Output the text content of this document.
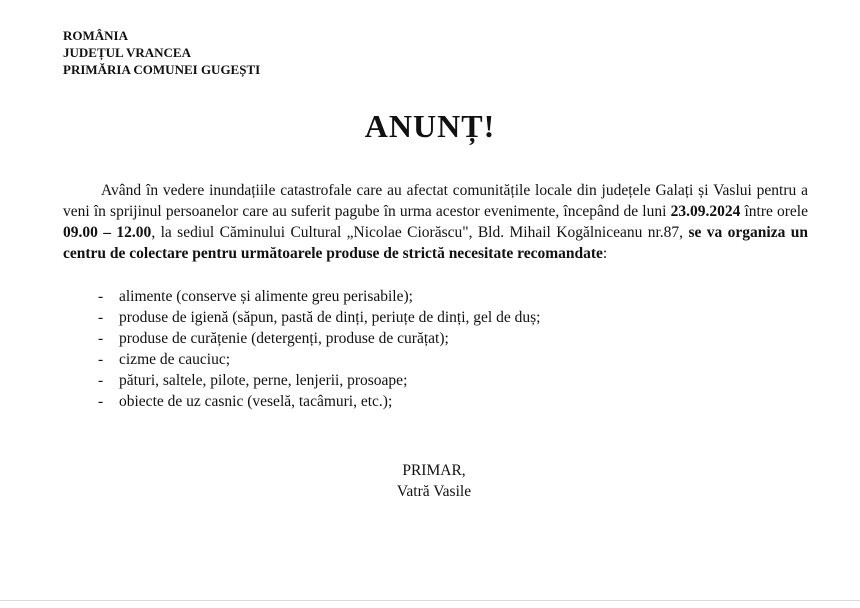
ROMÂNIA
JUDEȚUL VRANCEA
PRIMĂRIA COMUNEI GUGEȘTI
ANUNȚ!
Având în vedere inundațiile catastrofale care au afectat comunitățile locale din județele Galați și Vaslui pentru a veni în sprijinul persoanelor care au suferit pagube în urma acestor evenimente, începând de luni 23.09.2024 între orele 09.00 – 12.00, la sediul Căminului Cultural „Nicolae Ciorăscu", Bld. Mihail Kogălniceanu nr.87, se va organiza un centru de colectare pentru următoarele produse de strictă necesitate recomandate:
- alimente (conserve și alimente greu perisabile);
- produse de igienă (săpun, pastă de dinți, periuțe de dinți, gel de duș;
- produse de curățenie (detergenți, produse de curățat);
- cizme de cauciuc;
- pături, saltele, pilote, perne, lenjerii, prosoape;
- obiecte de uz casnic (veselă, tacâmuri, etc.);
PRIMAR,
Vatră Vasile
